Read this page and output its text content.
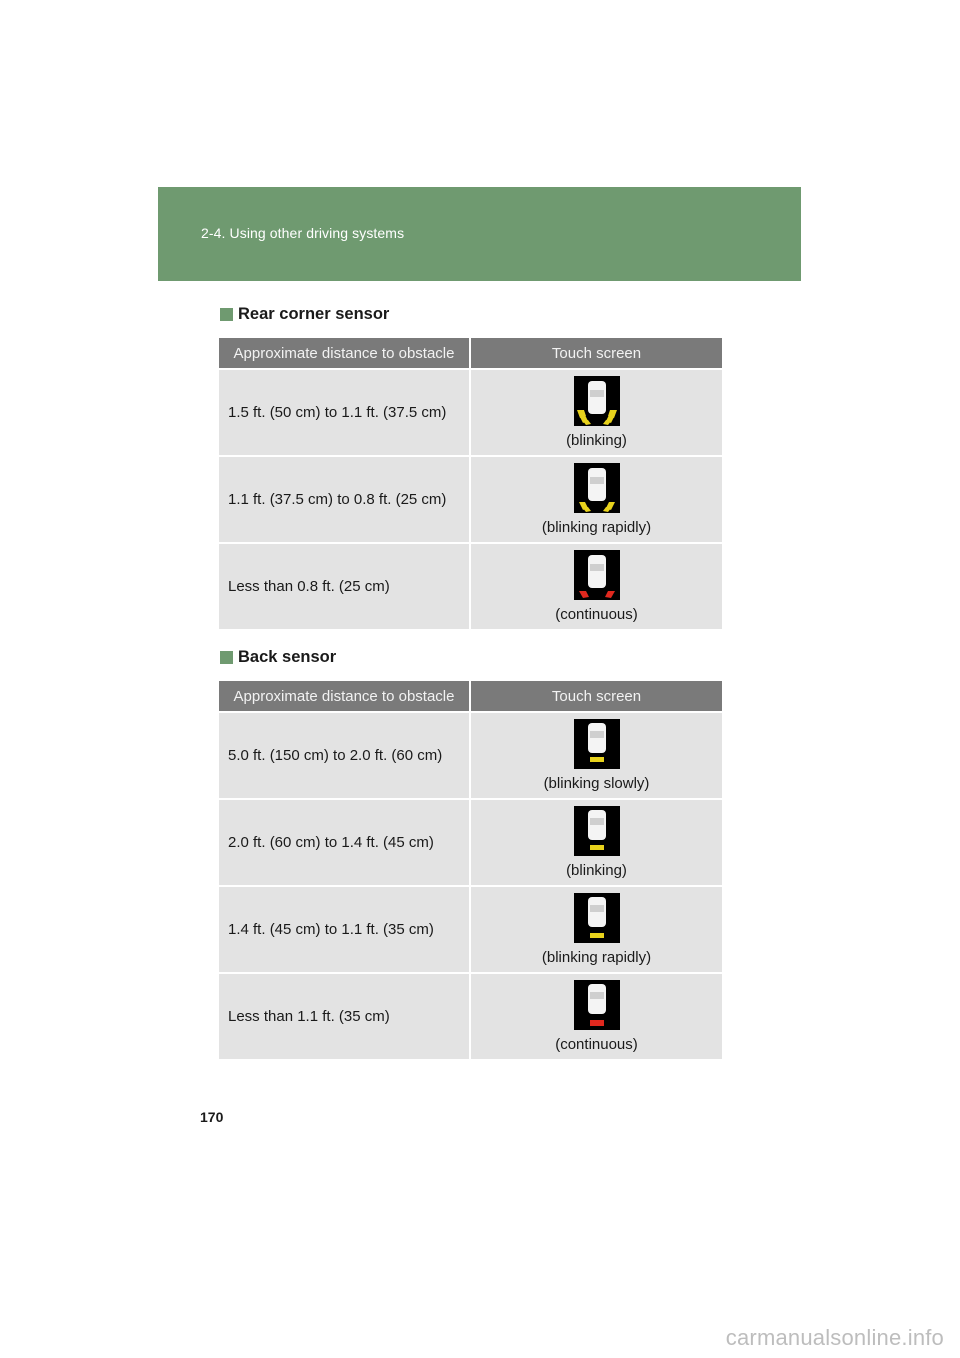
2-4. Using other driving systems
Rear corner sensor
Approximate distance to obstacle	Touch screen
1.5 ft. (50 cm) to 1.1 ft. (37.5 cm)	(blinking)

1.1 ft. (37.5 cm) to 0.8 ft. (25 cm)	(blinking rapidly)

Less than 0.8 ft. (25 cm)	(continuous)
Back sensor
Approximate distance to obstacle	Touch screen
5.0 ft. (150 cm) to 2.0 ft. (60 cm)	(blinking slowly)

2.0 ft. (60 cm) to 1.4 ft. (45 cm)	(blinking)

1.4 ft. (45 cm) to 1.1 ft. (35 cm)	(blinking rapidly)

Less than 1.1 ft. (35 cm)	(continuous)
170
carmanualsonline.info
